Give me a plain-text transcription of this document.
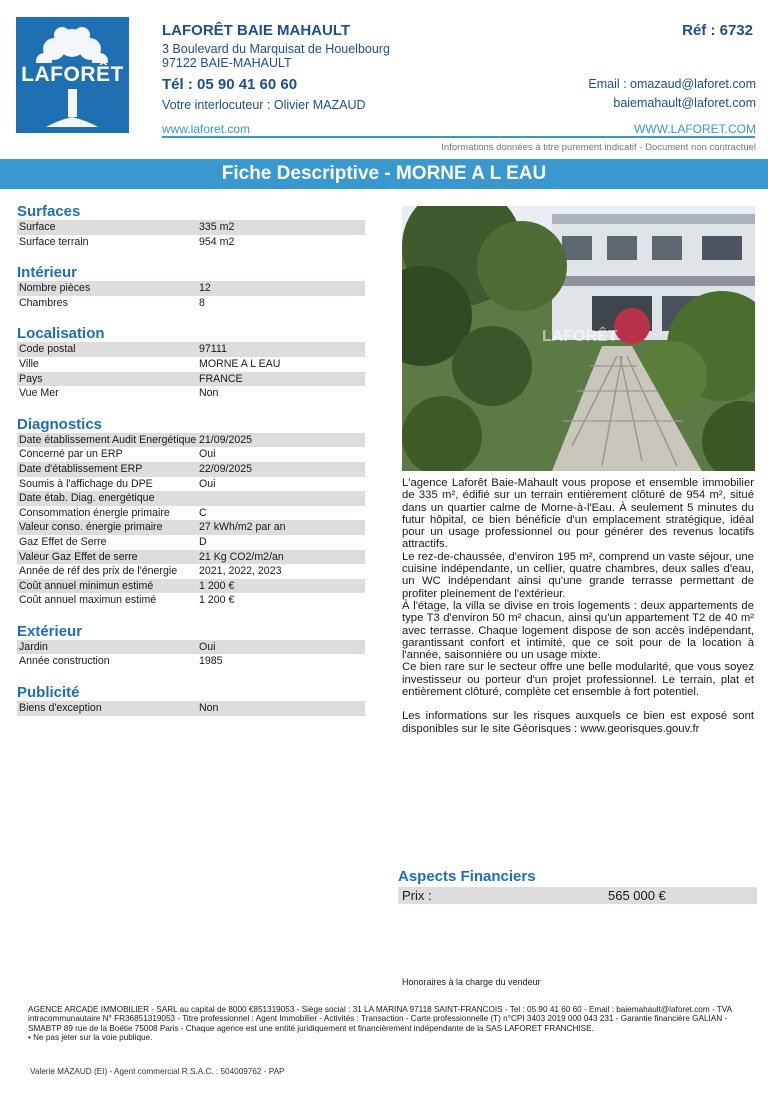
LAFORÊT
LAFORÊT BAIE MAHAULT
3 Boulevard du Marquisat de Houelbourg
97122 BAIE-MAHAULT
Tél : 05 90 41 60 60
Votre interlocuteur : Olivier MAZAUD
www.laforet.com
Réf : 6732
Email : omazaud@laforet.com
baiemahault@laforet.com
WWW.LAFORET.COM
Informations données à titre purement indicatif - Document non contractuel
Fiche Descriptive - MORNE A L EAU
Surfaces
Surface	335 m2
Surface terrain	954 m2
Intérieur
Nombre pièces	12
Chambres	8
Localisation
Code postal	97111
Ville	MORNE A L EAU
Pays	FRANCE
Vue Mer	Non
Diagnostics
Date établissement Audit Energétique 21/09/2025
Concerné par un ERP	Oui
Date d'établissement ERP	22/09/2025
Soumis à l'affichage du DPE	Oui
Date étab. Diag. energétique
Consommation énergie primaire	C
Valeur conso. énergie primaire	27 kWh/m2 par an
Gaz Effet de Serre	D
Valeur Gaz Effet de serre	21 Kg CO2/m2/an
Année de réf des prix de l'énergie	2021, 2022, 2023
Coût annuel minimun estimé	1 200 €
Coût annuel maximun estimé	1 200 €
Extérieur
Jardin	Oui
Année construction	1985
Publicité
Biens d'exception	Non
LAFORÊT

L'agence Laforêt Baie-Mahault vous propose et ensemble immobilier de 335 m², édifié sur un terrain entièrement clôturé de 954 m², situé dans un quartier calme de Morne-à-l'Eau. À seulement 5 minutes du futur hôpital, ce bien bénéficie d'un emplacement stratégique, idéal pour un usage professionnel ou pour générer des revenus locatifs attractifs.

Le rez-de-chaussée, d'environ 195 m², comprend un vaste séjour, une cuisine indépendante, un cellier, quatre chambres, deux salles d'eau, un WC indépendant ainsi qu'une grande terrasse permettant de profiter pleinement de l'extérieur.

À l'étage, la villa se divise en trois logements : deux appartements de type T3 d'environ 50 m² chacun, ainsi qu'un appartement T2 de 40 m² avec terrasse. Chaque logement dispose de son accès indépendant, garantissant confort et intimité, que ce soit pour de la location à l'année, saisonnière ou un usage mixte.

Ce bien rare sur le secteur offre une belle modularité, que vous soyez investisseur ou porteur d'un projet professionnel. Le terrain, plat et entièrement clôturé, complète cet ensemble à fort potentiel.

Les informations sur les risques auxquels ce bien est exposé sont disponibles sur le site Géorisques : www.georisques.gouv.fr

Aspects Financiers
Prix :	565 000 €
Honoraires à la charge du vendeur
AGENCE ARCADE IMMOBILIER - SARL au capital de 8000 €851319053 - Siège social : 31 LA MARINA 97118 SAINT-FRANCOIS - Tel : 05 90 41 60 60 - Email : baiemahault@laforet.com - TVA intracommunautaire N° FR36851319053 - Titre professionnel : Agent Immobilier - Activités : Transaction - Carte professionnelle (T) n°CPI 3403 2019 000 043 231 - Garantie financière GALIAN - SMABTP 89 rue de la Boétie 75008 Paris - Chaque agence est une entité juridiquement et financièrement indépendante de la SAS LAFORET FRANCHISE.
• Ne pas jeter sur la voie publique.
Valerie MAZAUD (EI) - Agent commercial R.S.A.C. : 504009762 - PAP
